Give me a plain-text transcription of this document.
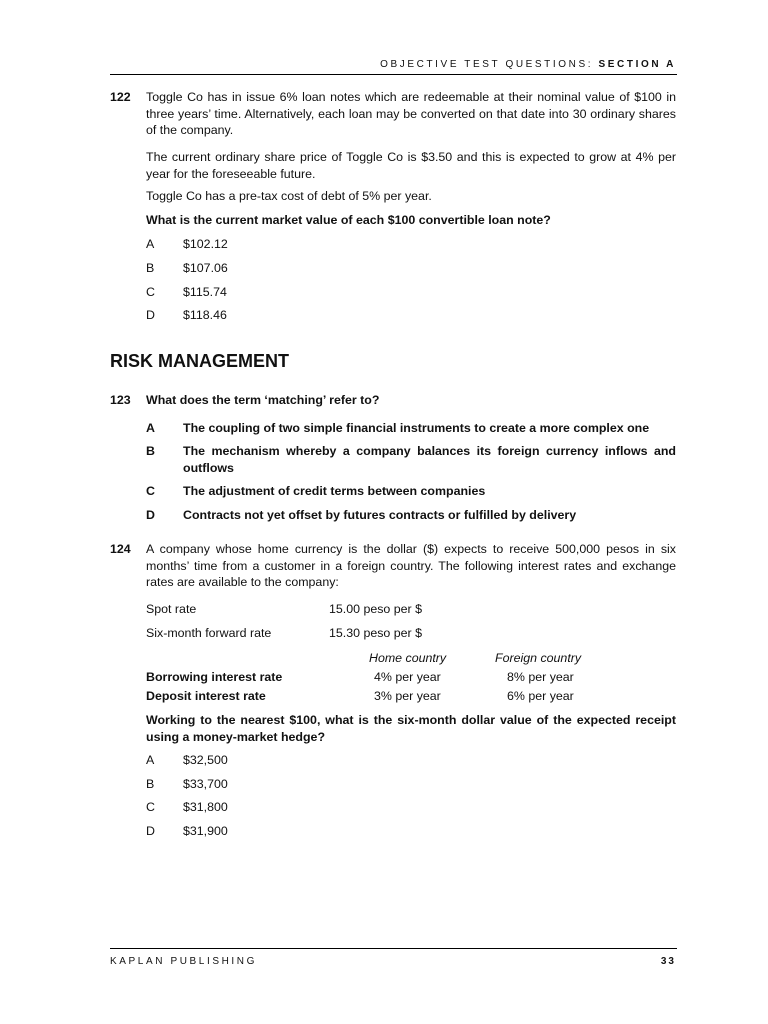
OBJECTIVE TEST QUESTIONS: SECTION A
122 Toggle Co has in issue 6% loan notes which are redeemable at their nominal value of $100 in three years’ time. Alternatively, each loan may be converted on that date into 30 ordinary shares of the company.
The current ordinary share price of Toggle Co is $3.50 and this is expected to grow at 4% per year for the foreseeable future.
Toggle Co has a pre-tax cost of debt of 5% per year.
What is the current market value of each $100 convertible loan note?
A $102.12
B $107.06
C $115.74
D $118.46
RISK MANAGEMENT
123 What does the term ‘matching’ refer to?
A The coupling of two simple financial instruments to create a more complex one
B The mechanism whereby a company balances its foreign currency inflows and outflows
C The adjustment of credit terms between companies
D Contracts not yet offset by futures contracts or fulfilled by delivery
124 A company whose home currency is the dollar ($) expects to receive 500,000 pesos in six months’ time from a customer in a foreign country. The following interest rates and exchange rates are available to the company:
Spot rate	15.00 peso per $
Six-month forward rate	15.30 peso per $
Home country	Foreign country
Borrowing interest rate	4% per year	8% per year
Deposit interest rate	3% per year	6% per year
Working to the nearest $100, what is the six-month dollar value of the expected receipt using a money-market hedge?
A $32,500
B $33,700
C $31,800
D $31,900
KAPLAN PUBLISHING	33
